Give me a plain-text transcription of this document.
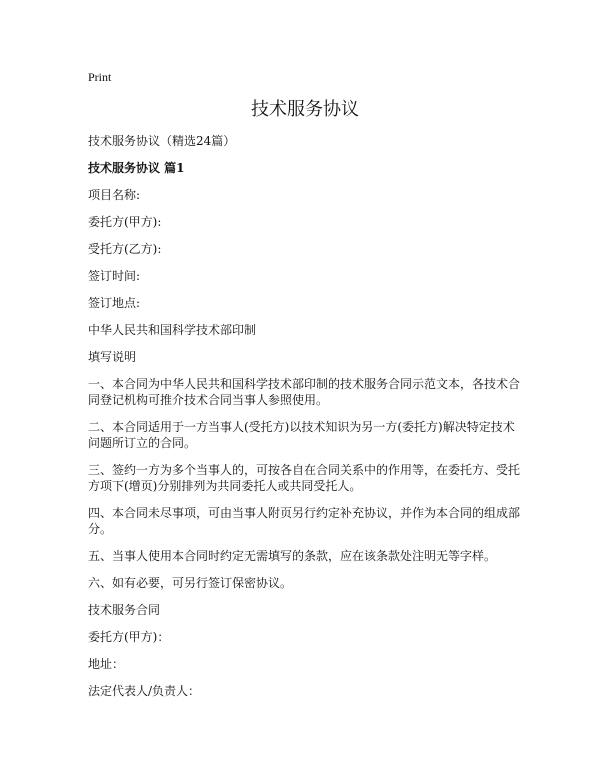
Print
技术服务协议

技术服务协议（精选24篇）

技术服务协议 篇1

项目名称:

委托方(甲方):

受托方(乙方):

签订时间:

签订地点:

中华人民共和国科学技术部印制

填写说明

一、本合同为中华人民共和国科学技术部印制的技术服务合同示范文本，各技术合同登记机构可推介技术合同当事人参照使用。

二、本合同适用于一方当事人(受托方)以技术知识为另一方(委托方)解决特定技术问题所订立的合同。

三、签约一方为多个当事人的，可按各自在合同关系中的作用等，在委托方、受托方项下(增页)分别排列为共同委托人或共同受托人。

四、本合同未尽事项，可由当事人附页另行约定补充协议，并作为本合同的组成部分。

五、当事人使用本合同时约定无需填写的条款，应在该条款处注明无等字样。

六、如有必要，可另行签订保密协议。

技术服务合同

委托方(甲方)：

地址：

法定代表人/负责人：
